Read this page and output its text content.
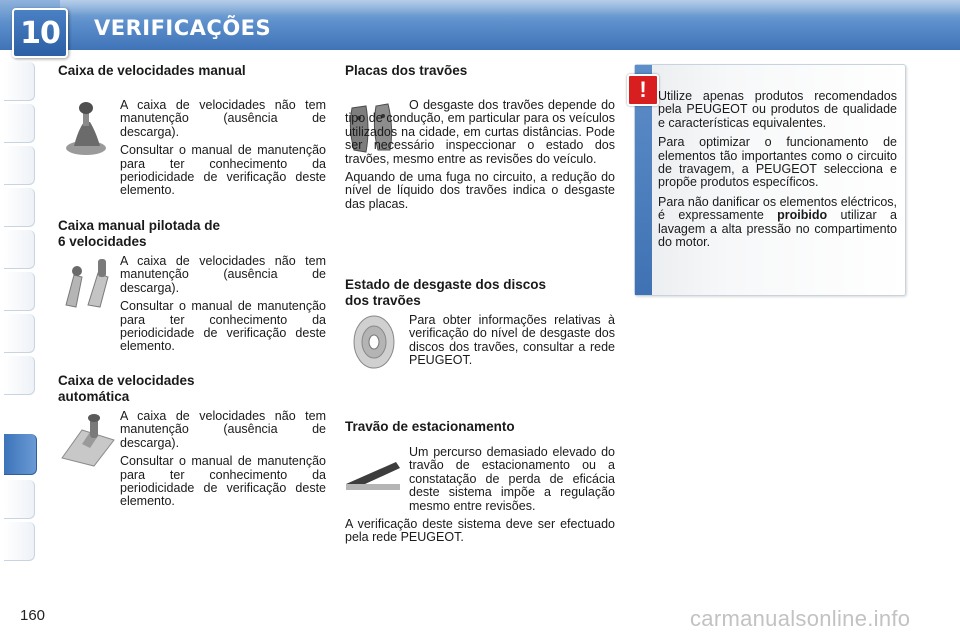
10	VERIFICAÇÕES
Caixa de velocidades manual

A caixa de velocidades não tem manutenção (ausência de descarga).

Consultar o manual de manutenção para ter conhecimento da periodicidade de verificação deste elemento.

Caixa manual pilotada de
6 velocidades

A caixa de velocidades não tem manutenção (ausência de descarga).

Consultar o manual de manutenção para ter conhecimento da periodicidade de verificação deste elemento.

Caixa de velocidades
automática

A caixa de velocidades não tem manutenção (ausência de descarga).

Consultar o manual de manutenção para ter conhecimento da periodicidade de verificação deste elemento.

Placas dos travões

O desgaste dos travões depende do tipo de condução, em particular para os veículos utilizados na cidade, em curtas distâncias. Pode ser necessário inspeccionar o estado dos travões, mesmo entre as revisões do veículo.

Aquando de uma fuga no circuito, a redução do nível de líquido dos travões indica o desgaste das placas.

Estado de desgaste dos discos
dos travões

Para obter informações relativas à verificação do nível de desgaste dos discos dos travões, consultar a rede PEUGEOT.

Travão de estacionamento

Um percurso demasiado elevado do travão de estacionamento ou a constatação de perda de eficácia deste sistema impõe a regulação mesmo entre revisões.

A verificação deste sistema deve ser efectuado pela rede PEUGEOT.

! Utilize apenas produtos recomendados pela PEUGEOT ou produtos de qualidade e características equivalentes.

Para optimizar o funcionamento de elementos tão importantes como o circuito de travagem, a PEUGEOT selecciona e propõe produtos específicos.

Para não danificar os elementos eléctricos, é expressamente proibido utilizar a lavagem a alta pressão no compartimento do motor.

160	carmanualsonline.info
